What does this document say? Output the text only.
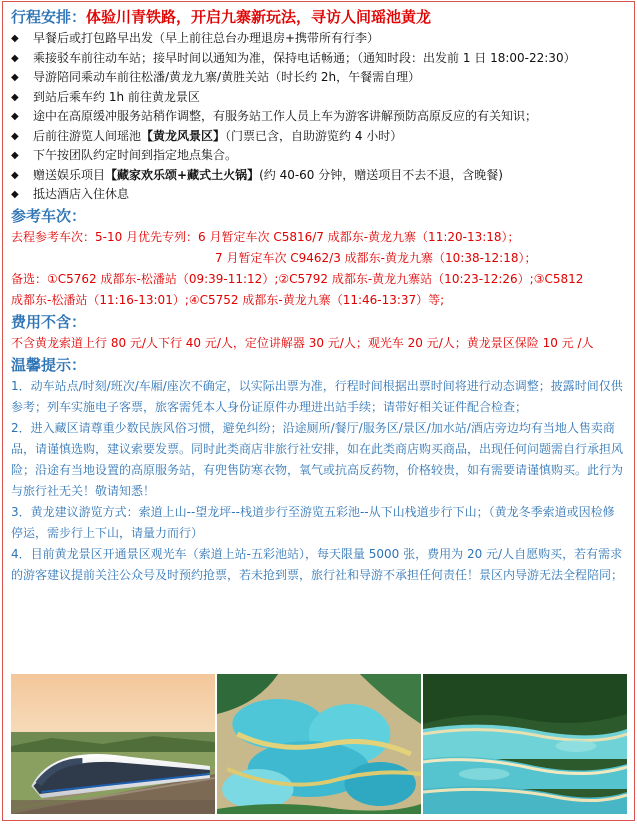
行程安排：体验川青铁路，开启九寨新玩法，寻访人间瑶池黄龙
◆	早餐后或打包路早出发（早上前往总台办理退房+携带所有行李）
◆	乘接驳车前往动车站；接早时间以通知为准，保持电话畅通；（通知时段：出发前 1 日 18:00-22:30）
◆	导游陪同乘动车前往松潘/黄龙九寨/黄胜关站（时长约 2h，午餐需自理）
◆	到站后乘车约 1h 前往黄龙景区
◆	途中在高原缓冲服务站稍作调整，有服务站工作人员上车为游客讲解预防高原反应的有关知识；
◆	后前往游览人间瑶池【黄龙风景区】（门票已含，自助游览约 4 小时）
◆	下午按团队约定时间到指定地点集合。
◆	赠送娱乐项目【藏家欢乐颂+藏式土火锅】(约 40-60 分钟，赠送项目不去不退，含晚餐)
◆	抵达酒店入住休息
参考车次：
去程参考车次：5-10 月优先专列：6 月暂定车次 C5816/7 成都东-黄龙九寨（11:20-13:18）；
7 月暂定车次 C9462/3 成都东-黄龙九寨（10:38-12:18）；
备选：①C5762 成都东-松潘站（09:39-11:12）;②C5792 成都东-黄龙九寨站（10:23-12:26）;③C5812
成都东-松潘站（11:16-13:01）;④C5752 成都东-黄龙九寨（11:46-13:37）等;
费用不含：
不含黄龙索道上行 80 元/人下行 40 元/人，定位讲解器 30 元/人；观光车 20 元/人；黄龙景区保险 10 元 /人
温馨提示：

1．动车站点/时刻/班次/车厢/座次不确定，以实际出票为准，行程时间根据出票时间将进行动态调整；披露时间仅供参考；列车实施电子客票，旅客需凭本人身份证原件办理进出站手续；请带好相关证件配合检查；

2．进入藏区请尊重少数民族风俗习惯，避免纠纷；沿途厕所/餐厅/服务区/景区/加水站/酒店旁边均有当地人售卖商品，请谨慎选购，建议索要发票。同时此类商店非旅行社安排，如在此类商店购买商品，出现任何问题需自行承担风险；沿途有当地设置的高原服务站，有兜售防寒衣物，氧气或抗高反药物，价格较贵，如有需要请谨慎购买。此行为与旅行社无关！敬请知悉！

3．黄龙建议游览方式：索道上山--望龙坪--栈道步行至游览五彩池--从下山栈道步行下山；（黄龙冬季索道或因检修停运，需步行上下山，请量力而行）

4．目前黄龙景区开通景区观光车（索道上站-五彩池站），每天限量 5000 张，费用为 20 元/人自愿购买，若有需求的游客建议提前关注公众号及时预约抢票，若未抢到票，旅行社和导游不承担任何责任！景区内导游无法全程陪同；
